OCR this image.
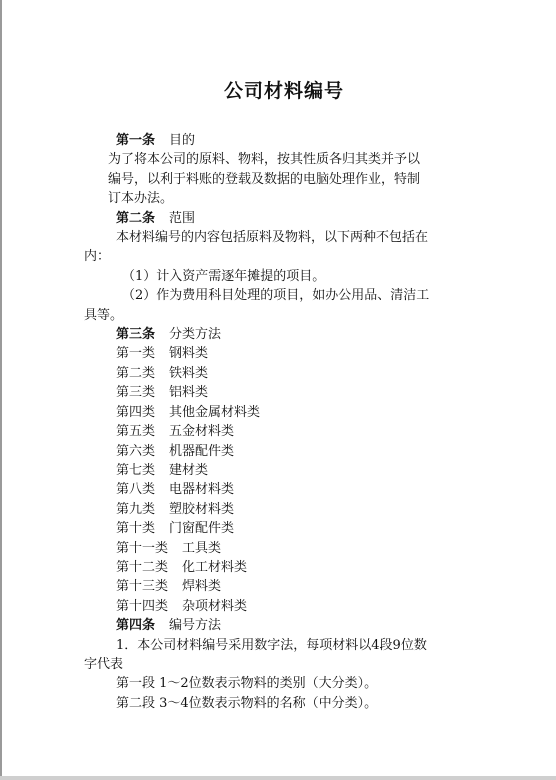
公司材料编号
第一条 目的
为了将本公司的原料、物料，按其性质各归其类并予以
编号，以利于料账的登载及数据的电脑处理作业，特制
订本办法。
第二条 范围
本材料编号的内容包括原料及物料，以下两种不包括在
内：
（1）计入资产需逐年摊提的项目。
（2）作为费用科目处理的项目，如办公用品、清洁工
具等。
第三条 分类方法
第一类 钢料类
第二类 铁料类
第三类 铝料类
第四类 其他金属材料类
第五类 五金材料类
第六类 机器配件类
第七类 建材类
第八类 电器材料类
第九类 塑胶材料类
第十类 门窗配件类
第十一类 工具类
第十二类 化工材料类
第十三类 焊料类
第十四类 杂项材料类
第四条 编号方法
1．本公司材料编号采用数字法，每项材料以4段9位数
字代表
第一段 1～2位数表示物料的类别（大分类）。
第二段 3～4位数表示物料的名称（中分类）。
